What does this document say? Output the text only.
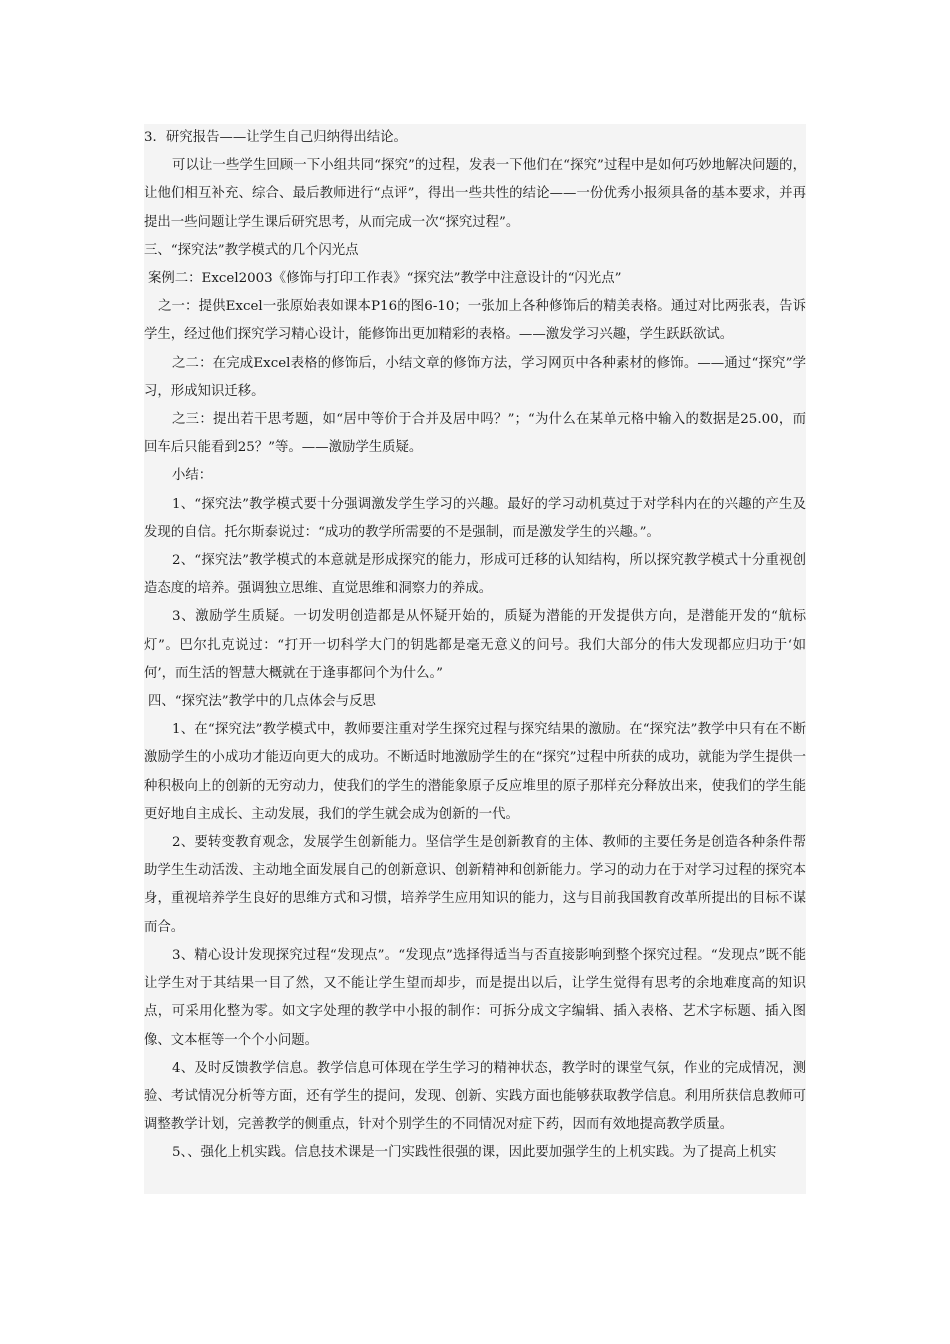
3．研究报告——让学生自己归纳得出结论。

可以让一些学生回顾一下小组共同“探究”的过程，发表一下他们在“探究”过程中是如何巧妙地解决问题的，让他们相互补充、综合、最后教师进行“点评”，得出一些共性的结论——一份优秀小报须具备的基本要求，并再提出一些问题让学生课后研究思考，从而完成一次“探究过程”。

三、“探究法”教学模式的几个闪光点

案例二：Excel2003《修饰与打印工作表》“探究法”教学中注意设计的“闪光点”

之一：提供Excel一张原始表如课本P16的图6-10；一张加上各种修饰后的精美表格。通过对比两张表，告诉学生，经过他们探究学习精心设计，能修饰出更加精彩的表格。——激发学习兴趣，学生跃跃欲试。

之二：在完成Excel表格的修饰后，小结文章的修饰方法，学习网页中各种素材的修饰。——通过“探究”学习，形成知识迁移。

之三：提出若干思考题，如“居中等价于合并及居中吗？”；“为什么在某单元格中输入的数据是25.00，而回车后只能看到25？”等。——激励学生质疑。

小结：

1、“探究法”教学模式要十分强调激发学生学习的兴趣。最好的学习动机莫过于对学科内在的兴趣的产生及发现的自信。托尔斯泰说过：“成功的教学所需要的不是强制，而是激发学生的兴趣。”。

2、“探究法”教学模式的本意就是形成探究的能力，形成可迁移的认知结构，所以探究教学模式十分重视创造态度的培养。强调独立思维、直觉思维和洞察力的养成。

3、激励学生质疑。一切发明创造都是从怀疑开始的，质疑为潜能的开发提供方向，是潜能开发的“航标灯”。巴尔扎克说过：“打开一切科学大门的钥匙都是毫无意义的问号。我们大部分的伟大发现都应归功于‘如何’，而生活的智慧大概就在于逢事都问个为什么。”

四、“探究法”教学中的几点体会与反思

1、在“探究法”教学模式中，教师要注重对学生探究过程与探究结果的激励。在“探究法”教学中只有在不断激励学生的小成功才能迈向更大的成功。不断适时地激励学生的在“探究”过程中所获的成功，就能为学生提供一种积极向上的创新的无穷动力，使我们的学生的潜能象原子反应堆里的原子那样充分释放出来，使我们的学生能更好地自主成长、主动发展，我们的学生就会成为创新的一代。

2、要转变教育观念，发展学生创新能力。坚信学生是创新教育的主体、教师的主要任务是创造各种条件帮助学生生动活泼、主动地全面发展自己的创新意识、创新精神和创新能力。学习的动力在于对学习过程的探究本身，重视培养学生良好的思维方式和习惯，培养学生应用知识的能力，这与目前我国教育改革所提出的目标不谋而合。

3、精心设计发现探究过程“发现点”。“发现点”选择得适当与否直接影响到整个探究过程。“发现点”既不能让学生对于其结果一目了然，又不能让学生望而却步，而是提出以后，让学生觉得有思考的余地难度高的知识点，可采用化整为零。如文字处理的教学中小报的制作：可拆分成文字编辑、插入表格、艺术字标题、插入图像、文本框等一个个小问题。

4、及时反馈教学信息。教学信息可体现在学生学习的精神状态，教学时的课堂气氛，作业的完成情况，测验、考试情况分析等方面，还有学生的提问，发现、创新、实践方面也能够获取教学信息。利用所获信息教师可调整教学计划，完善教学的侧重点，针对个别学生的不同情况对症下药，因而有效地提高教学质量。

5、、强化上机实践。信息技术课是一门实践性很强的课，因此要加强学生的上机实践。为了提高上机实
